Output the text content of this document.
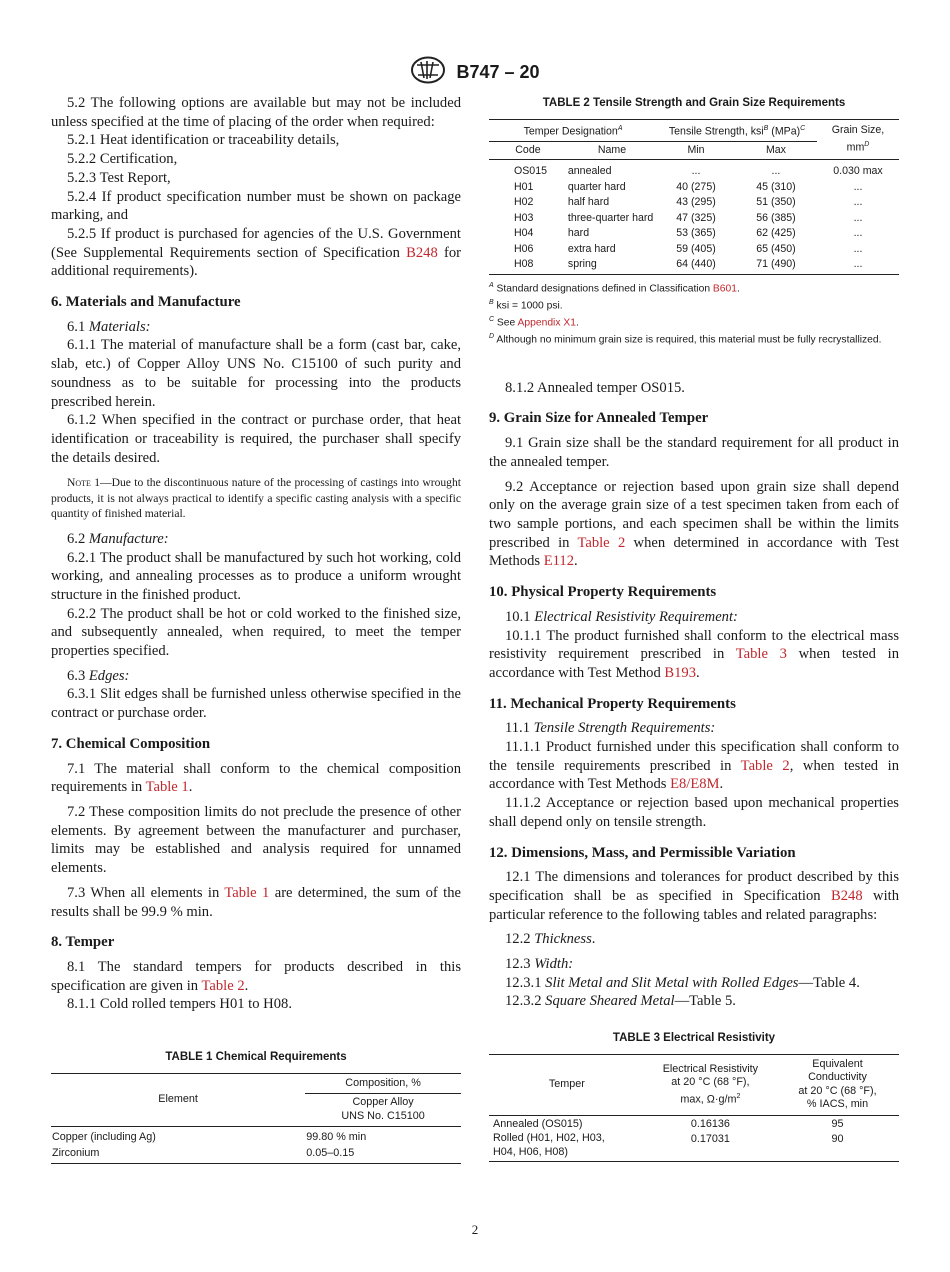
B747 – 20

5.2 The following options are available but may not be included unless specified at the time of placing of the order when required:

5.2.1 Heat identification or traceability details,

5.2.2 Certification,

5.2.3 Test Report,

5.2.4 If product specification number must be shown on package marking, and

5.2.5 If product is purchased for agencies of the U.S. Government (See Supplemental Requirements section of Specification B248 for additional requirements).

6. Materials and Manufacture

6.1 Materials:

6.1.1 The material of manufacture shall be a form (cast bar, cake, slab, etc.) of Copper Alloy UNS No. C15100 of such purity and soundness as to be suitable for processing into the products prescribed herein.

6.1.2 When specified in the contract or purchase order, that heat identification or traceability is required, the purchaser shall specify the details desired.

Note 1—Due to the discontinuous nature of the processing of castings into wrought products, it is not always practical to identify a specific casting analysis with a specific quantity of finished material.

6.2 Manufacture:

6.2.1 The product shall be manufactured by such hot working, cold working, and annealing processes as to produce a uniform wrought structure in the finished product.

6.2.2 The product shall be hot or cold worked to the finished size, and subsequently annealed, when required, to meet the temper properties specified.

6.3 Edges:

6.3.1 Slit edges shall be furnished unless otherwise specified in the contract or purchase order.

7. Chemical Composition

7.1 The material shall conform to the chemical composition requirements in Table 1.

7.2 These composition limits do not preclude the presence of other elements. By agreement between the manufacturer and purchaser, limits may be established and analysis required for unnamed elements.

7.3 When all elements in Table 1 are determined, the sum of the results shall be 99.9 % min.

8. Temper

8.1 The standard tempers for products described in this specification are given in Table 2.

8.1.1 Cold rolled tempers H01 to H08.

TABLE 1 Chemical Requirements
Element	Composition, %
	Copper Alloy
UNS No. C15100
Copper (including Ag)	99.80 % min
Zirconium	0.05–0.15
TABLE 2 Tensile Strength and Grain Size Requirements
Temper Designation$^A$		Tensile Strength, ksi$^B$ (MPa)$^C$		Grain Size,
$mm^D$
Code	Name	Min	Max	

OS015	annealed	...	...	0.030 max
H01	quarter hard	40 (275)	45 (310)	...
H02	half hard	43 (295)	51 (350)	...
H03	three-quarter hard	47 (325)	56 (385)	...
H04	hard	53 (365)	62 (425)	...
H06	extra hard	59 (405)	65 (450)	...
H08	spring	64 (440)	71 (490)	...
$^A$ Standard designations defined in Classification B601.
$^B$ ksi = 1000 psi.
$^C$ See Appendix X1.
$^D$ Although no minimum grain size is required, this material must be fully recrystallized.

8.1.2 Annealed temper OS015.

9. Grain Size for Annealed Temper

9.1 Grain size shall be the standard requirement for all product in the annealed temper.

9.2 Acceptance or rejection based upon grain size shall depend only on the average grain size of a test specimen taken from each of two sample portions, and each specimen shall be within the limits prescribed in Table 2 when determined in accordance with Test Methods E112.

10. Physical Property Requirements

10.1 Electrical Resistivity Requirement:

10.1.1 The product furnished shall conform to the electrical mass resistivity requirement prescribed in Table 3 when tested in accordance with Test Method B193.

11. Mechanical Property Requirements

11.1 Tensile Strength Requirements:

11.1.1 Product furnished under this specification shall conform to the tensile requirements prescribed in Table 2, when tested in accordance with Test Methods E8/E8M.

11.1.2 Acceptance or rejection based upon mechanical properties shall depend only on tensile strength.

12. Dimensions, Mass, and Permissible Variation

12.1 The dimensions and tolerances for product described by this specification shall be as specified in Specification B248 with particular reference to the following tables and related paragraphs:

12.2 Thickness.

12.3 Width:

12.3.1 Slit Metal and Slit Metal with Rolled Edges—Table 4.

12.3.2 Square Sheared Metal—Table 5.

TABLE 3 Electrical Resistivity
Temper	Electrical Resistivity
at 20 °C (68 °F),
max, $\Omega\cdot g/m^2$	Equivalent
Conductivity
at 20 °C (68 °F),
% IACS, min
Annealed (OS015)	0.16136	95
Rolled (H01, H02, H03, H04, H06, H08)	0.17031	90
2
